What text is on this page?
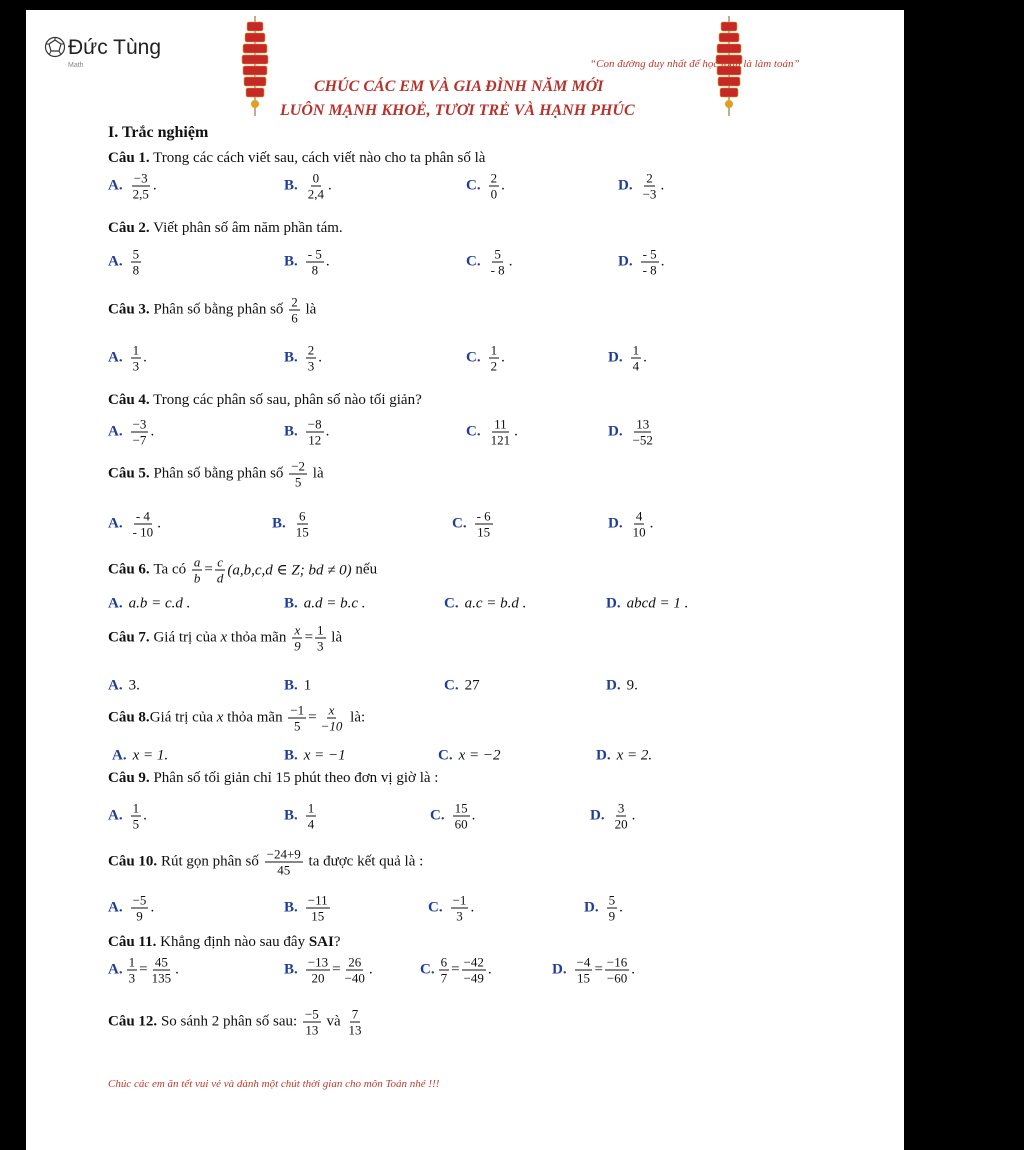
Đức Tùng
Math	“Con đường duy nhất để học toán là làm toán”
CHÚC CÁC EM VÀ GIA ĐÌNH NĂM MỚI
LUÔN MẠNH KHOẺ, TƯƠI TRẺ VÀ HẠNH PHÚC
I. Trắc nghiệm
Câu 1. Trong các cách viết sau, cách viết nào cho ta phân số là
A. $\frac{-3}{2,5}$ .	B. $\frac{0}{2,4}$ .	C. $\frac{2}{0}$ .	D. $\frac{2}{-3}$ .
Câu 2. Viết phân số âm năm phần tám.
A. $\frac{5}{8}$	B. $\frac{- 5}{8}$ .	C. $\frac{5}{- 8}$ .	D. $\frac{- 5}{- 8}$ .
Câu 3.
Phân số bằng phân số
$\frac{2}{6}$
là
A. $\frac{1}{3}$ .	B. $\frac{2}{3}$ .	C. $\frac{1}{2}$ .	D. $\frac{1}{4}$ .
Câu 4. Trong các phân số sau, phân số nào tối giản?
A. $\frac{-3}{-7}$ .	B. $\frac{-8}{12}$ .	C. $\frac{11}{121}$ .	D. $\frac{13}{-52}$
Câu 5.
Phân số bằng phân số
$\frac{-2}{5}$
là
A. $\frac{- 4}{- 10}$ .	B. $\frac{6}{15}$	C. $\frac{- 6}{15}$	D. $\frac{4}{10}$ .
Câu 6.
Ta có
$\frac{a}{b} = \frac{c}{d} (a,b,c,d$ ∈ Z; bd ≠ 0)
nếu
A. a.b = c.d .	B. a.d = b.c .	C. a.c = b.d .	D. abcd = 1 .
Câu 7.
Giá trị của
x
thỏa mãn
$\frac{x}{9} = \frac{1}{3}$
là
A. 3.	B. 1	C. 27	D. 9.
Câu 8. Giá trị của
x
thỏa mãn
$\frac{-1}{5} = \frac{x}{-10}$
là:
A. x = 1.	B. x = −1	C. x = −2	D. x = 2.
Câu 9. Phân số tối giản chỉ 15 phút theo đơn vị giờ là :
A. $\frac{1}{5}$ .	B. $\frac{1}{4}$	C. $\frac{15}{60}$ .	D. $\frac{3}{20}$ .
Câu 10.
Rút gọn phân số
$\frac{-24+9}{45}$
ta được kết quả là :
A. $\frac{-5}{9}$ .	B. $\frac{-11}{15}$	C. $\frac{-1}{3}$ .	D. $\frac{5}{9}$ .
Câu 11. Khẳng định nào sau đây SAI?
A. $\frac{1}{3} = \frac{45}{135}$ .	B. $\frac{-13}{20} = \frac{26}{-40}$ .	C. $\frac{6}{7} = \frac{-42}{-49}$ .	D. $\frac{-4}{15} = \frac{-16}{-60}$ .
Câu 12.
So sánh 2 phân số sau:
$\frac{-5}{13}$
và
$\frac{7}{13}$
Chúc các em ăn tết vui vẻ và dành một chút thời gian cho môn Toán nhé !!!
